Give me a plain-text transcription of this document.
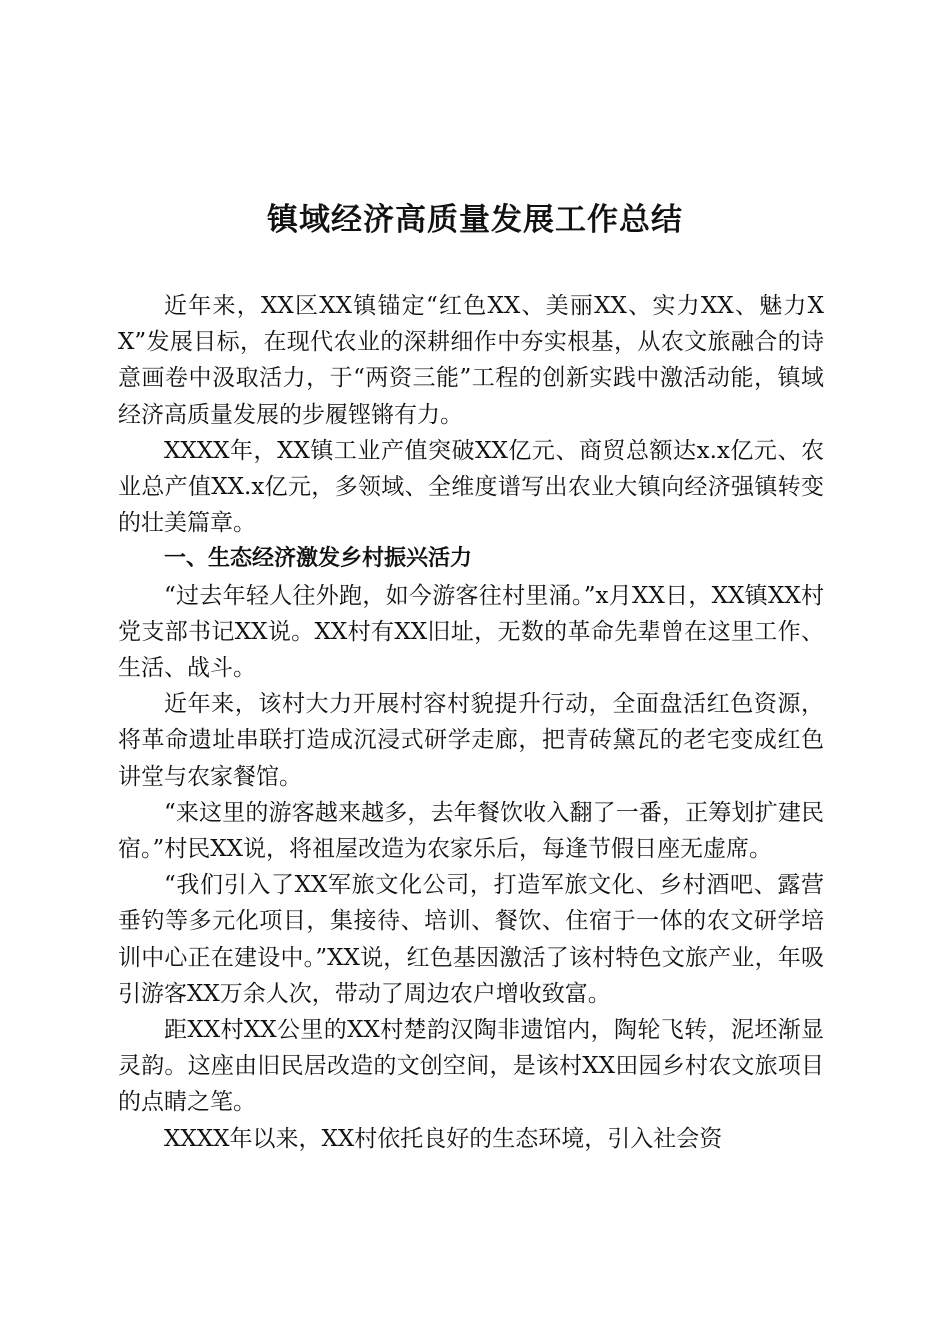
镇域经济高质量发展工作总结

近年来，XX区XX镇锚定“红色XX、美丽XX、实力XX、魅力XX”发展目标，在现代农业的深耕细作中夯实根基，从农文旅融合的诗意画卷中汲取活力，于“两资三能”工程的创新实践中激活动能，镇域经济高质量发展的步履铿锵有力。

XXXX年，XX镇工业产值突破XX亿元、商贸总额达x.x亿元、农业总产值XX.x亿元，多领域、全维度谱写出农业大镇向经济强镇转变的壮美篇章。

一、生态经济激发乡村振兴活力

“过去年轻人往外跑，如今游客往村里涌。”x月XX日，XX镇XX村党支部书记XX说。XX村有XX旧址，无数的革命先辈曾在这里工作、生活、战斗。

近年来，该村大力开展村容村貌提升行动，全面盘活红色资源，将革命遗址串联打造成沉浸式研学走廊，把青砖黛瓦的老宅变成红色讲堂与农家餐馆。

“来这里的游客越来越多，去年餐饮收入翻了一番，正筹划扩建民宿。”村民XX说，将祖屋改造为农家乐后，每逢节假日座无虚席。

“我们引入了XX军旅文化公司，打造军旅文化、乡村酒吧、露营垂钓等多元化项目，集接待、培训、餐饮、住宿于一体的农文研学培训中心正在建设中。”XX说，红色基因激活了该村特色文旅产业，年吸引游客XX万余人次，带动了周边农户增收致富。

距XX村XX公里的XX村楚韵汉陶非遗馆内，陶轮飞转，泥坯渐显灵韵。这座由旧民居改造的文创空间，是该村XX田园乡村农文旅项目的点睛之笔。

XXXX年以来，XX村依托良好的生态环境，引入社会资
